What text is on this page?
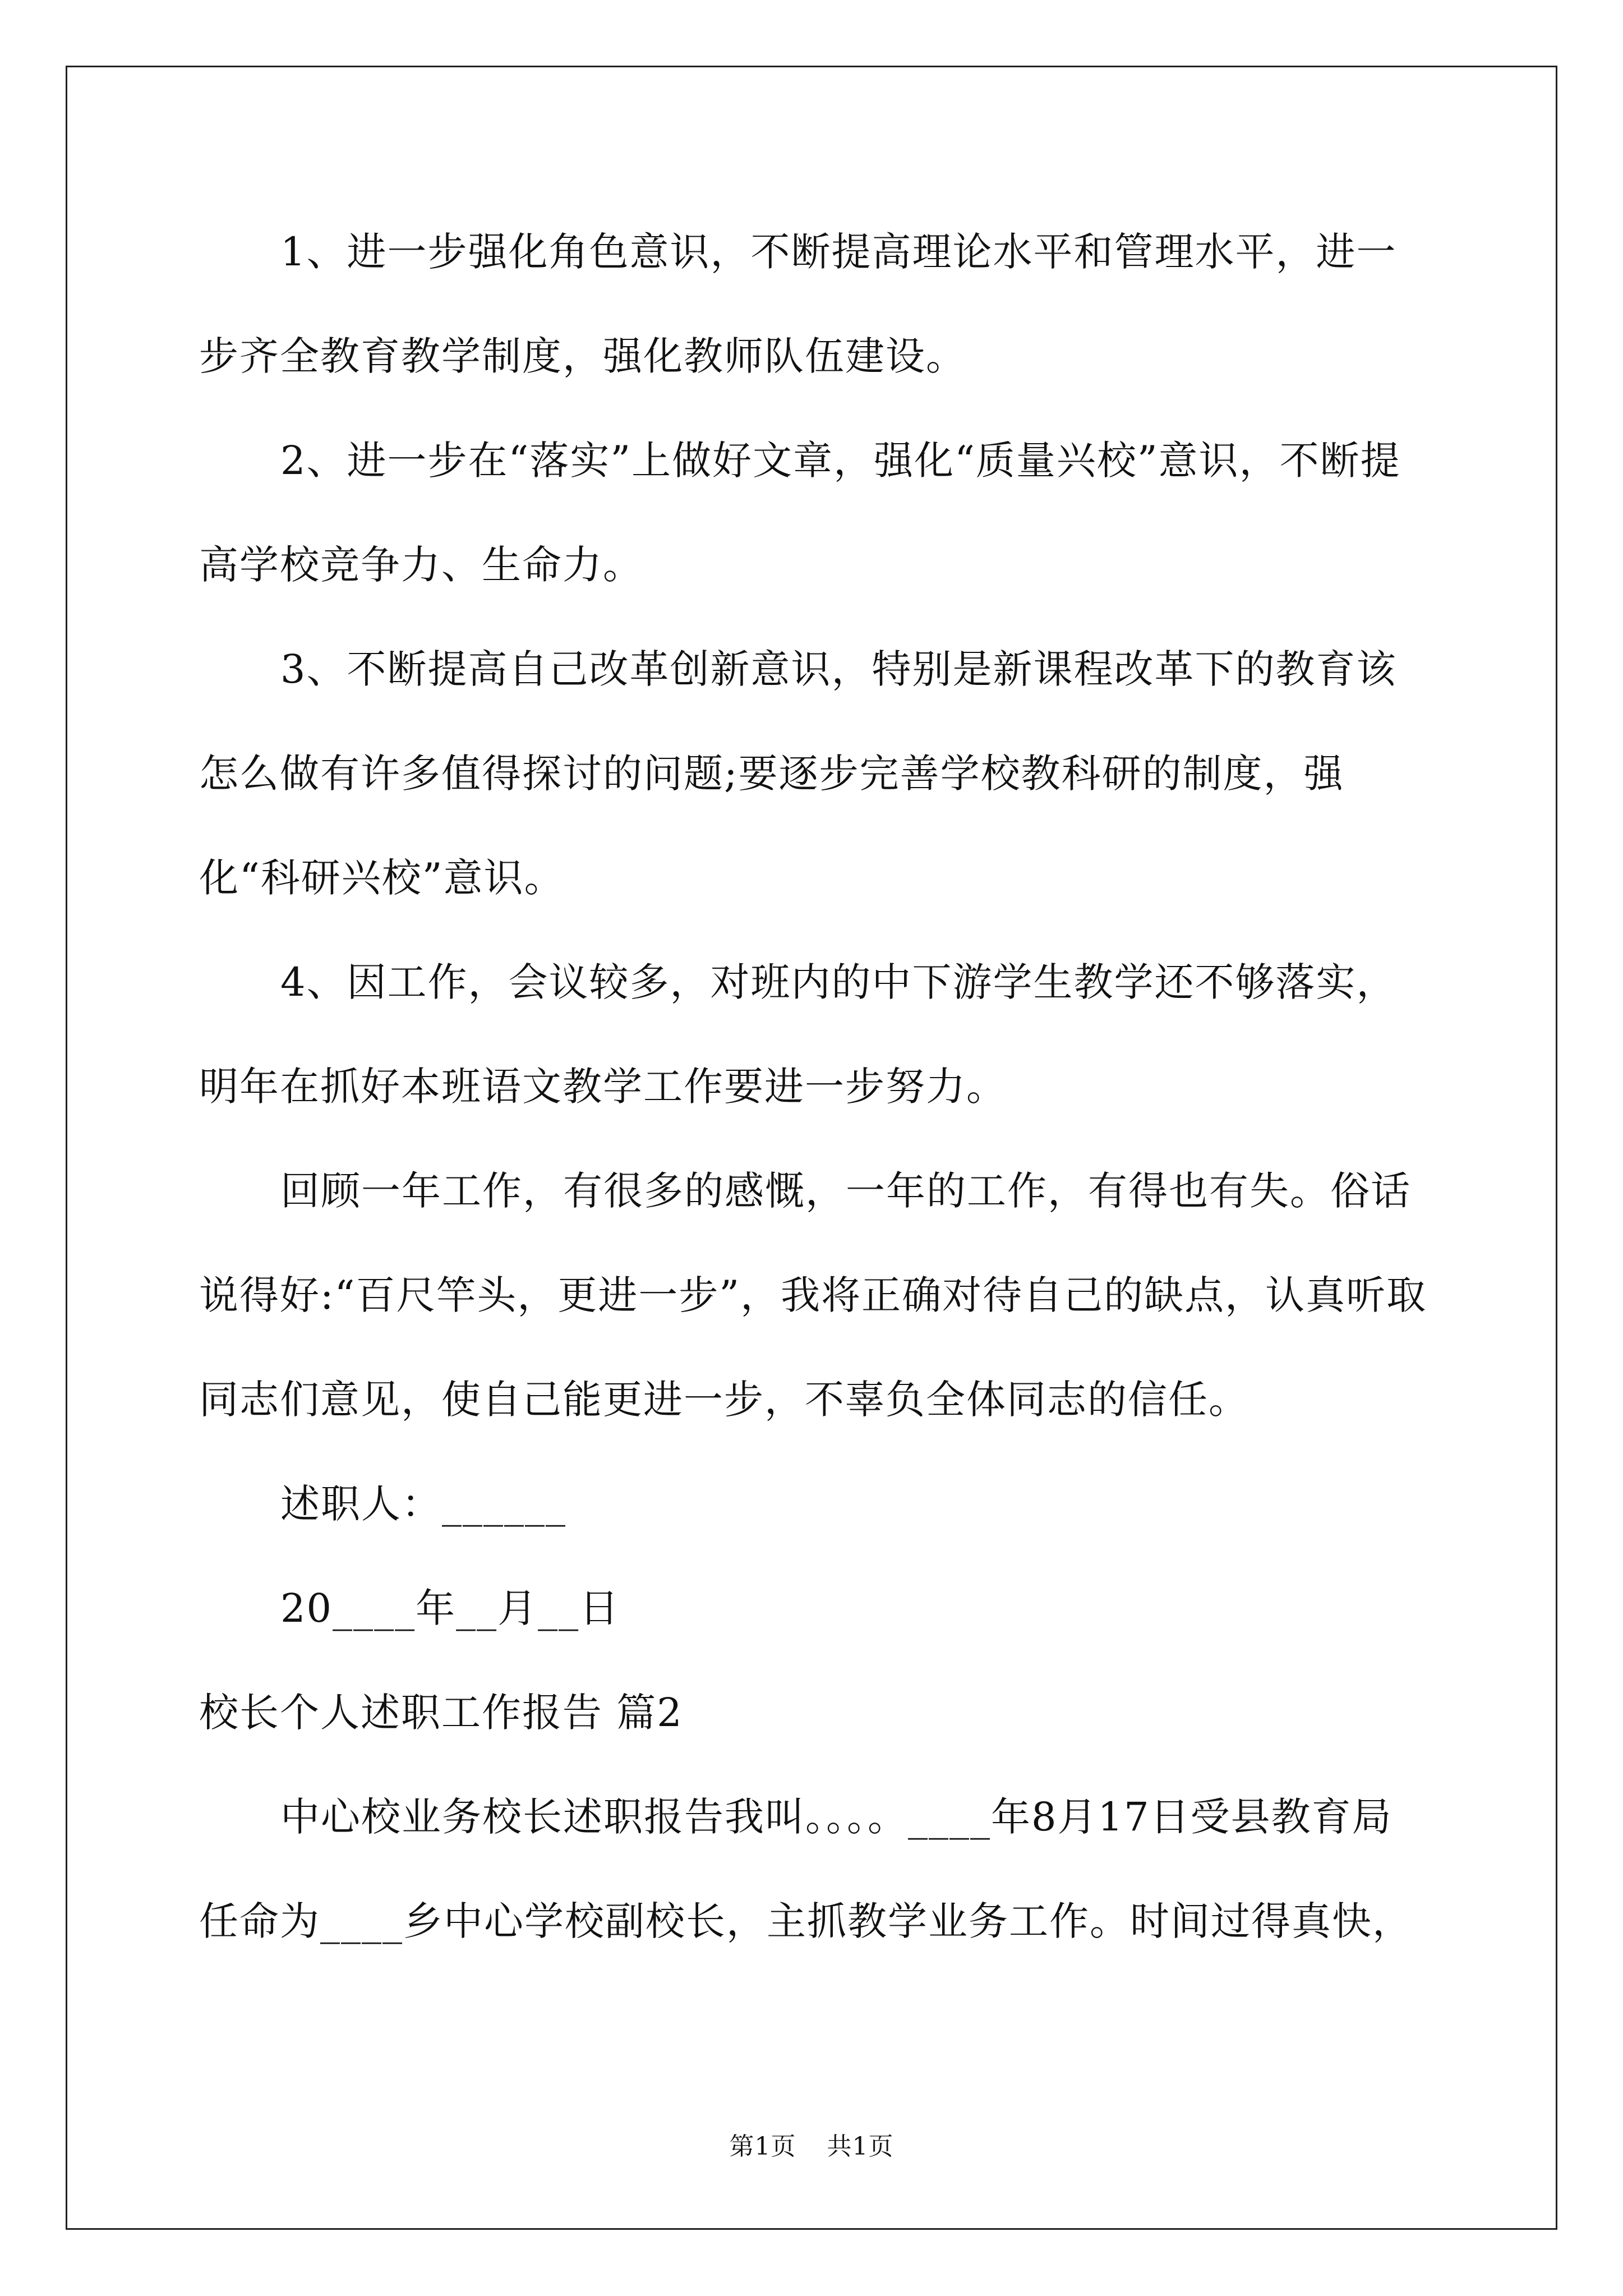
1、进一步强化角色意识，不断提高理论水平和管理水平，进一步齐全教育教学制度，强化教师队伍建设。

2、进一步在“落实”上做好文章，强化“质量兴校”意识，不断提高学校竞争力、生命力。

3、不断提高自己改革创新意识，特别是新课程改革下的教育该怎么做有许多值得探讨的问题;要逐步完善学校教科研的制度，强化“科研兴校”意识。

4、因工作，会议较多，对班内的中下游学生教学还不够落实，明年在抓好本班语文教学工作要进一步努力。

回顾一年工作，有很多的感慨，一年的工作，有得也有失。俗话说得好:“百尺竿头，更进一步”，我将正确对待自己的缺点，认真听取同志们意见，使自己能更进一步，不辜负全体同志的信任。

述职人：______

20____年__月__日

校长个人述职工作报告 篇2

中心校业务校长述职报告我叫。。。。____年8月17日受县教育局任命为____乡中心学校副校长，主抓教学业务工作。时间过得真快，

第1页 共1页
